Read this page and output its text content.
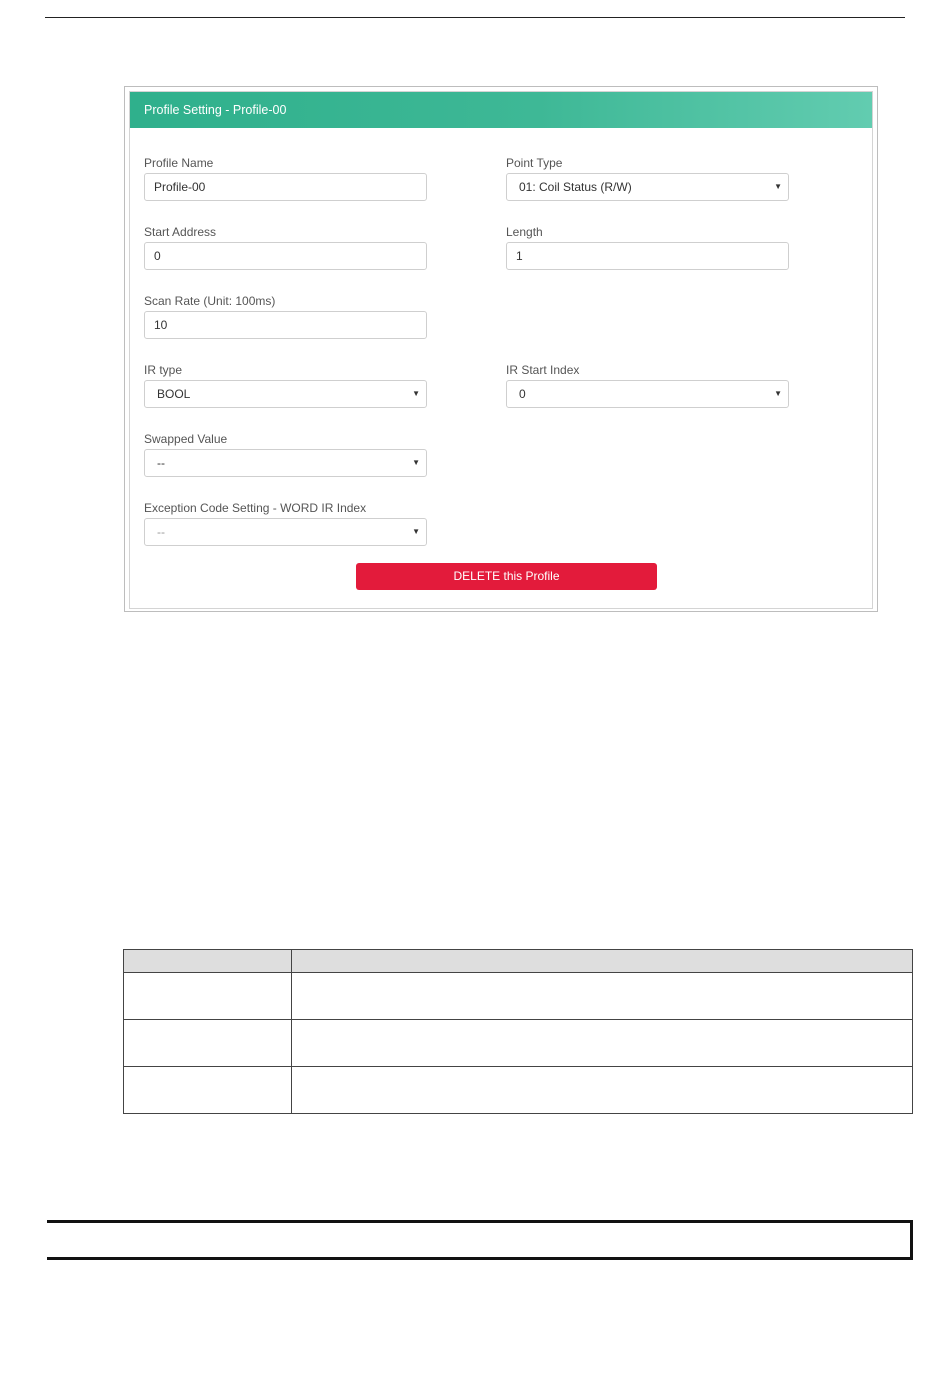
Profile Setting - Profile-00
Profile Name
Profile-00
Point Type
01: Coil Status (R/W)	▼
Start Address
0
Length
1
Scan Rate (Unit: 100ms)
10
IR type
BOOL	▼
IR Start Index
0	▼
Swapped Value
--	▼
Exception Code Setting - WORD IR Index
--	▼
DELETE this Profile
